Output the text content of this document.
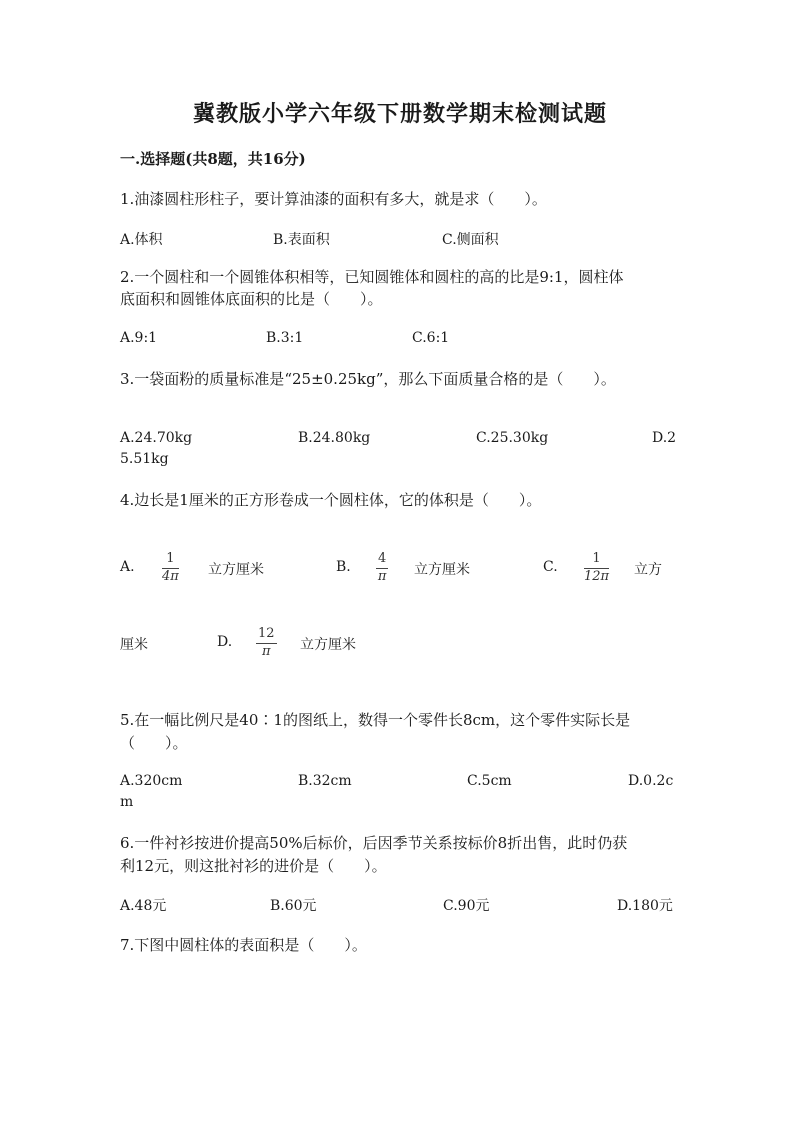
冀教版小学六年级下册数学期末检测试题
一.选择题(共8题，共16分)
1.油漆圆柱形柱子，要计算油漆的面积有多大，就是求（　　）。
A.体积	B.表面积	C.侧面积
2.一个圆柱和一个圆锥体积相等，已知圆锥体和圆柱的高的比是9:1，圆柱体
底面积和圆锥体底面积的比是（　　）。
A.9:1	B.3:1	C.6:1
3.一袋面粉的质量标准是“25±0.25kg”，那么下面质量合格的是（　　）。
A.24.70kg	B.24.80kg	C.25.30kg	D.2
5.51kg
4.边长是1厘米的正方形卷成一个圆柱体，它的体积是（　　）。
A.
1
4π 立方厘米	B.
4
π 立方厘米	C.
1
12π 立方
厘米	D.
12
π 立方厘米
5.在一幅比例尺是40∶1的图纸上，数得一个零件长8cm，这个零件实际长是
（　　）。
A.320cm	B.32cm	C.5cm	D.0.2c
m
6.一件衬衫按进价提高50%后标价，后因季节关系按标价8折出售，此时仍获
利12元，则这批衬衫的进价是（　　）。
A.48元	B.60元	C.90元	D.180元
7.下图中圆柱体的表面积是（　　）。
